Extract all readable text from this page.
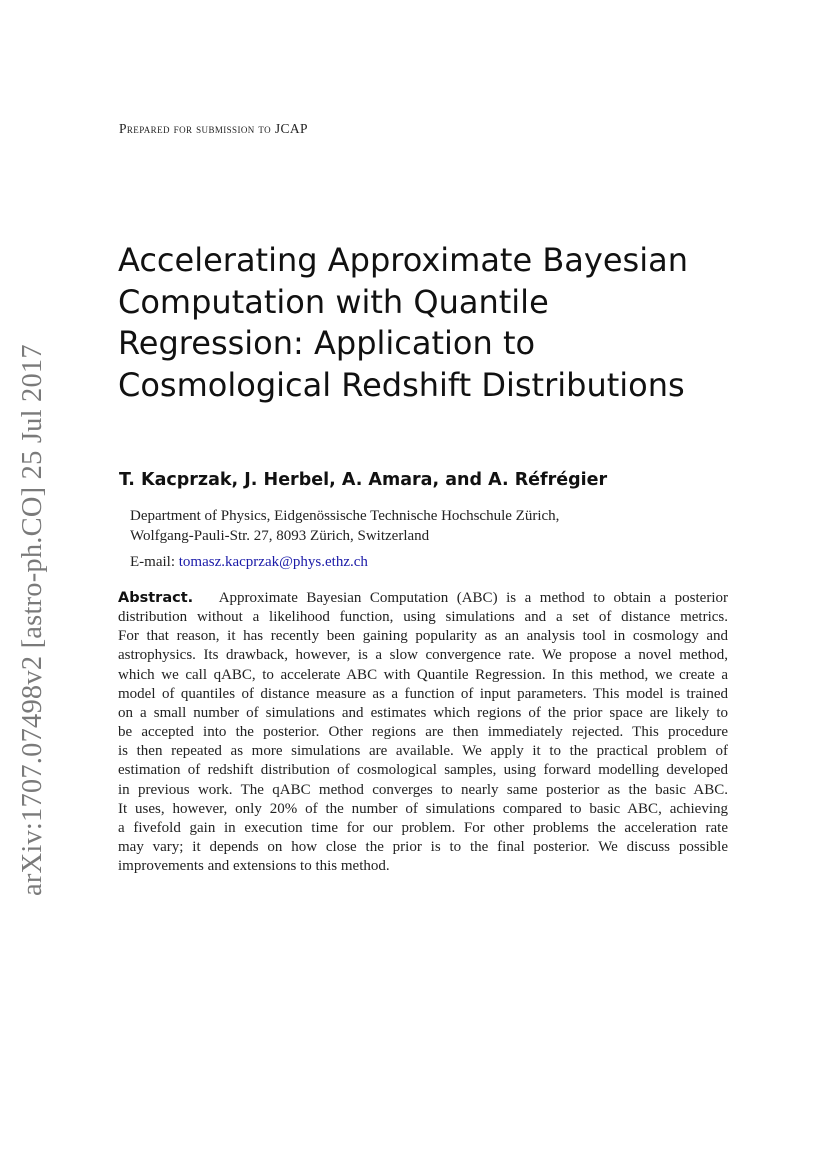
arXiv:1707.07498v2 [astro-ph.CO] 25 Jul 2017
Prepared for submission to JCAP
Accelerating Approximate Bayesian
Computation with Quantile
Regression: Application to
Cosmological Redshift Distributions
T. Kacprzak, J. Herbel, A. Amara, and A. Réfrégier
Department of Physics, Eidgenössische Technische Hochschule Zürich,
Wolfgang-Pauli-Str. 27, 8093 Zürich, Switzerland
E-mail: tomasz.kacprzak@phys.ethz.ch
Abstract. Approximate Bayesian Computation (ABC) is a method to obtain a posterior
distribution without a likelihood function, using simulations and a set of distance metrics.
For that reason, it has recently been gaining popularity as an analysis tool in cosmology and
astrophysics. Its drawback, however, is a slow convergence rate. We propose a novel method,
which we call qABC, to accelerate ABC with Quantile Regression. In this method, we create a
model of quantiles of distance measure as a function of input parameters. This model is trained
on a small number of simulations and estimates which regions of the prior space are likely to
be accepted into the posterior. Other regions are then immediately rejected. This procedure
is then repeated as more simulations are available. We apply it to the practical problem of
estimation of redshift distribution of cosmological samples, using forward modelling developed
in previous work. The qABC method converges to nearly same posterior as the basic ABC.
It uses, however, only 20% of the number of simulations compared to basic ABC, achieving
a fivefold gain in execution time for our problem. For other problems the acceleration rate
may vary; it depends on how close the prior is to the final posterior. We discuss possible
improvements and extensions to this method.
